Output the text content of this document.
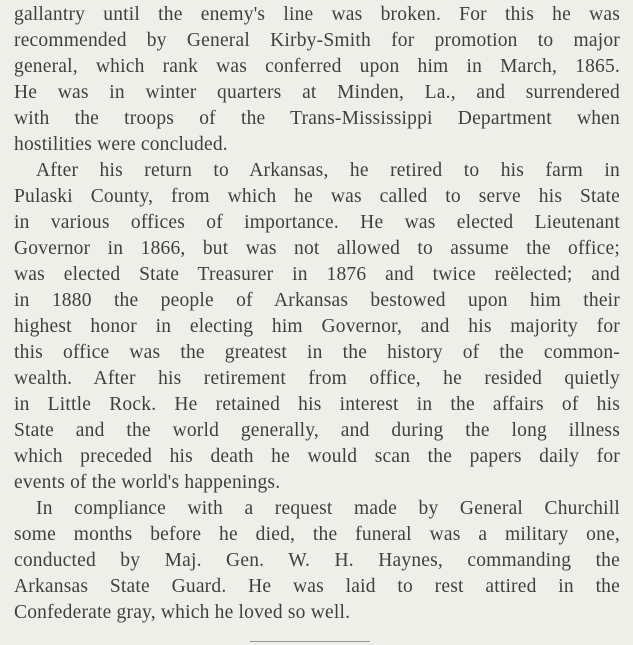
gallantry until the enemy's line was broken. For this he was
recommended by General Kirby-Smith for promotion to major
general, which rank was conferred upon him in March, 1865.
He was in winter quarters at Minden, La., and surrendered
with the troops of the Trans-Mississippi Department when
hostilities were concluded.
After his return to Arkansas, he retired to his farm in
Pulaski County, from which he was called to serve his State
in various offices of importance. He was elected Lieutenant
Governor in 1866, but was not allowed to assume the office;
was elected State Treasurer in 1876 and twice reëlected; and
in 1880 the people of Arkansas bestowed upon him their
highest honor in electing him Governor, and his majority for
this office was the greatest in the history of the common-
wealth. After his retirement from office, he resided quietly
in Little Rock. He retained his interest in the affairs of his
State and the world generally, and during the long illness
which preceded his death he would scan the papers daily for
events of the world's happenings.
In compliance with a request made by General Churchill
some months before he died, the funeral was a military one,
conducted by Maj. Gen. W. H. Haynes, commanding the
Arkansas State Guard. He was laid to rest attired in the
Confederate gray, which he loved so well.
